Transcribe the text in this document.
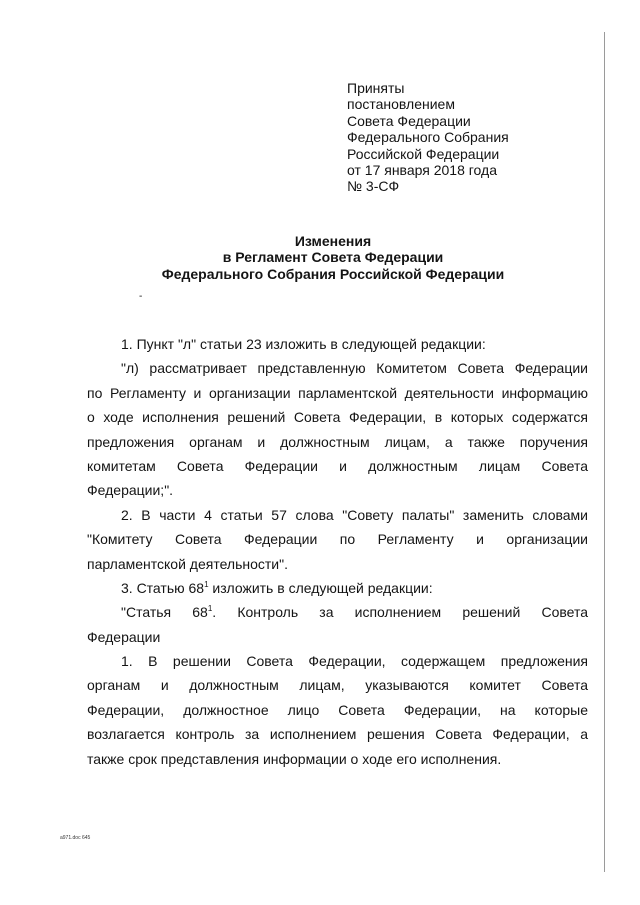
Приняты
постановлением
Совета Федерации
Федерального Собрания
Российской Федерации
от 17 января 2018 года
№ 3-СФ
Изменения
в Регламент Совета Федерации
Федерального Собрания Российской Федерации
-
1. Пункт "л" статьи 23 изложить в следующей редакции:
"л) рассматривает представленную Комитетом Совета Федерации
по Регламенту и организации парламентской деятельности информацию
о ходе исполнения решений Совета Федерации, в которых содержатся
предложения органам и должностным лицам, а также поручения
комитетам Совета Федерации и должностным лицам Совета
Федерации;".
2. В части 4 статьи 57 слова "Совету палаты" заменить словами
"Комитету Совета Федерации по Регламенту и организации
парламентской деятельности".
3. Статью $68^1$ изложить в следующей редакции:
"Статья $68^1$. Контроль за исполнением решений Совета
Федерации
1. В решении Совета Федерации, содержащем предложения
органам и должностным лицам, указываются комитет Совета
Федерации, должностное лицо Совета Федерации, на которые
возлагается контроль за исполнением решения Совета Федерации, а
также срок представления информации о ходе его исполнения.
a971.doc 645
